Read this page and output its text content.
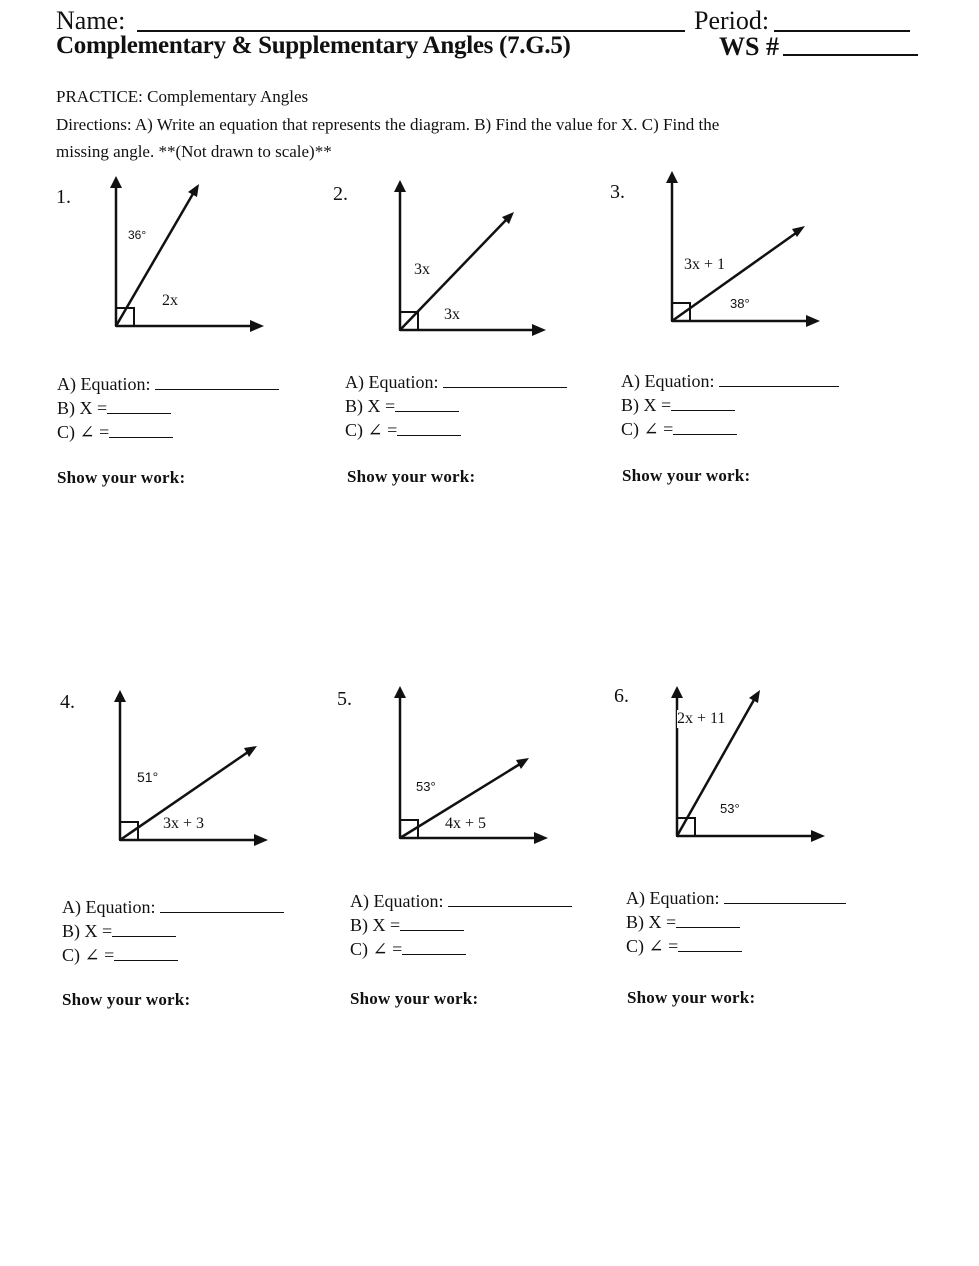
Name:	Period:
Complementary & Supplementary Angles (7.G.5)	WS #
PRACTICE: Complementary Angles
Directions: A) Write an equation that represents the diagram. B) Find the value for X. C) Find the
missing angle. **(Not drawn to scale)**
1.
36°
2x
2.
3x
3x
3.
3x + 1
38°
A) Equation:
B) X =
C) ∠ =
A) Equation:
B) X =
C) ∠ =
A) Equation:
B) X =
C) ∠ =
Show your work:	Show your work:	Show your work:
4.
51°
3x + 3
5.
53°
4x + 5
6.
2x + 11
53°
A) Equation:
B) X =
C) ∠ =
A) Equation:
B) X =
C) ∠ =
A) Equation:
B) X =
C) ∠ =
Show your work:	Show your work:	Show your work:
